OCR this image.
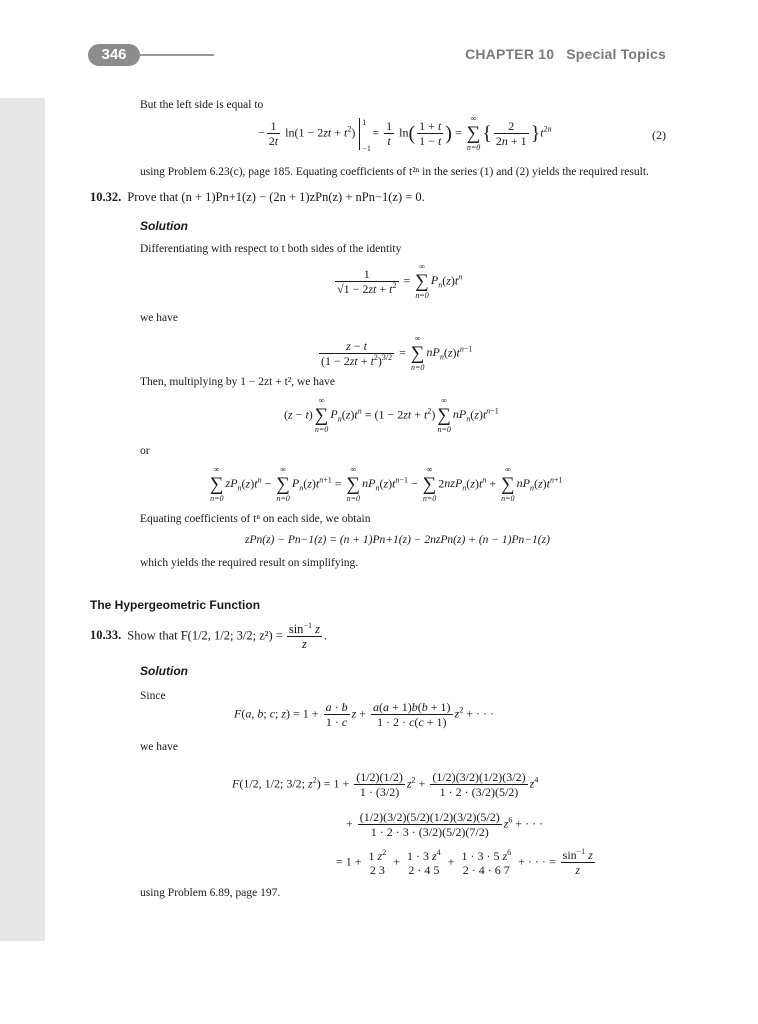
346	CHAPTER 10 Special Topics
But the left side is equal to
− $\frac{1}{2t} \ln(1 - 2zt + t^2)$
1
−1
= $\frac{1}{t} \ln( \frac{1 + t}{1 - t}$ ) =
∞
∑
n=0
{ $\frac{2}{2n + 1} \}t^{2n}$	(2)
using Problem 6.23(c), page 185. Equating coefficients of t²ⁿ in the series (1) and (2) yields the required result.
10.32. Prove that (n + 1)Pn+1(z) − (2n + 1)zPn(z) + nPn−1(z) = 0.
Solution
Differentiating with respect to t both sides of the identity
$\frac{1}{√1 - 2zt + t^2}$ =
∞
∑
n=0
$P_n(z)t^n$
we have
$\frac{z - t}{(1 - 2zt + t^2)^{3/2}}$ =
∞
∑
n=0
$nP_n(z)t^{n-1}$
Then, multiplying by 1 − 2zt + t², we have
(z − t)
∞
∑
n=0
$P_n(z)t^n = (1 - 2zt + t^2)$
∞
∑
n=0
$nP_n(z)t^{n-1}$
or
∞
∑
n=0
$zP_n(z)t^n$ −
∞
∑
n=0
$P_n(z)t^{n+1}$ =
∞
∑
n=0
$nP_n(z)t^{n-1}$ −
∞
∑
n=0
$2nzP_n(z)t^n$ +
∞
∑
n=0
$nP_n(z)t^{n+1}$
Equating coefficients of tⁿ on each side, we obtain
zPn(z) − Pn−1(z) = (n + 1)Pn+1(z) − 2nzPn(z) + (n − 1)Pn−1(z)
which yields the required result on simplifying.
The Hypergeometric Function
10.33. Show that F(1/2, 1/2; 3/2; $z^2) = \frac{\sin^{-1} z}{z}$ .
Solution
Since
F(a, b; c; $z) = 1 + \frac{a \cdot b}{1 \cdot c}$ $z + \frac{a(a + 1)b(b + 1)}{1 \cdot 2 \cdot c(c + 1)} z^2$ + · · ·
we have
F(1/2, 1/2; 3/2; $z^2) = 1 + \frac{(1/2)(1/2)}{1 \cdot (3/2)} z^2 + \frac{(1/2)(3/2)(1/2)(3/2)}{1 \cdot 2 \cdot (3/2)(5/2)} z^4$
+ $\frac{(1/2)(3/2)(5/2)(1/2)(3/2)(5/2)}{1 \cdot 2 \cdot 3 \cdot (3/2)(5/2)(7/2)} z^6$ + · · ·
= 1 + 1 $z^2$
2 3
+ 1 · 3 $z^4$
2 · 4 5
+ 1 · 3 · 5 $z^6$
2 · 4 · 6 7
+ · · · = $\frac{\sin^{-1} z}{z}$
using Problem 6.89, page 197.
